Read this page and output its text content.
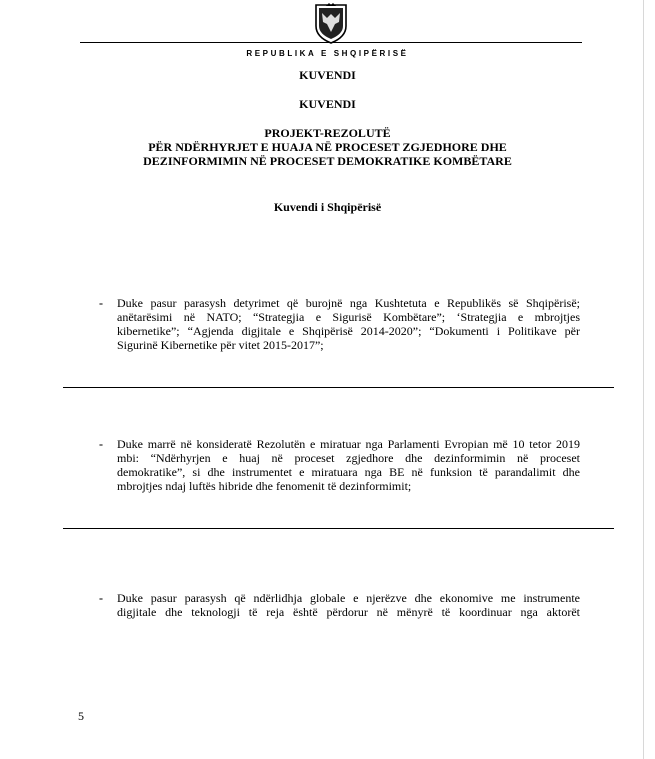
REPUBLIKA E SHQIPËRISË
KUVENDI
KUVENDI
PROJEKT-REZOLUTË
PËR NDËRHYRJET E HUAJA NË PROCESET ZGJEDHORE DHE
DEZINFORMIMIN NË PROCESET DEMOKRATIKE KOMBËTARE
Kuvendi i Shqipërisë
- Duke pasur parasysh detyrimet që burojnë nga Kushtetuta e Republikës së Shqipërisë;
anëtarësimi në NATO; “Strategjia e Sigurisë Kombëtare”; ‘Strategjia e mbrojtjes
kibernetike”; “Agjenda digjitale e Shqipërisë 2014-2020”; “Dokumenti i Politikave për
Sigurinë Kibernetike për vitet 2015-2017”;
- Duke marrë në konsideratë Rezolutën e miratuar nga Parlamenti Evropian më 10 tetor 2019
mbi: “Ndërhyrjen e huaj në proceset zgjedhore dhe dezinformimin në proceset
demokratike”, si dhe instrumentet e miratuara nga BE në funksion të parandalimit dhe
mbrojtjes ndaj luftës hibride dhe fenomenit të dezinformimit;
- Duke pasur parasysh që ndërlidhja globale e njerëzve dhe ekonomive me instrumente
digjitale dhe teknologji të reja është përdorur në mënyrë të koordinuar nga aktorët
5
